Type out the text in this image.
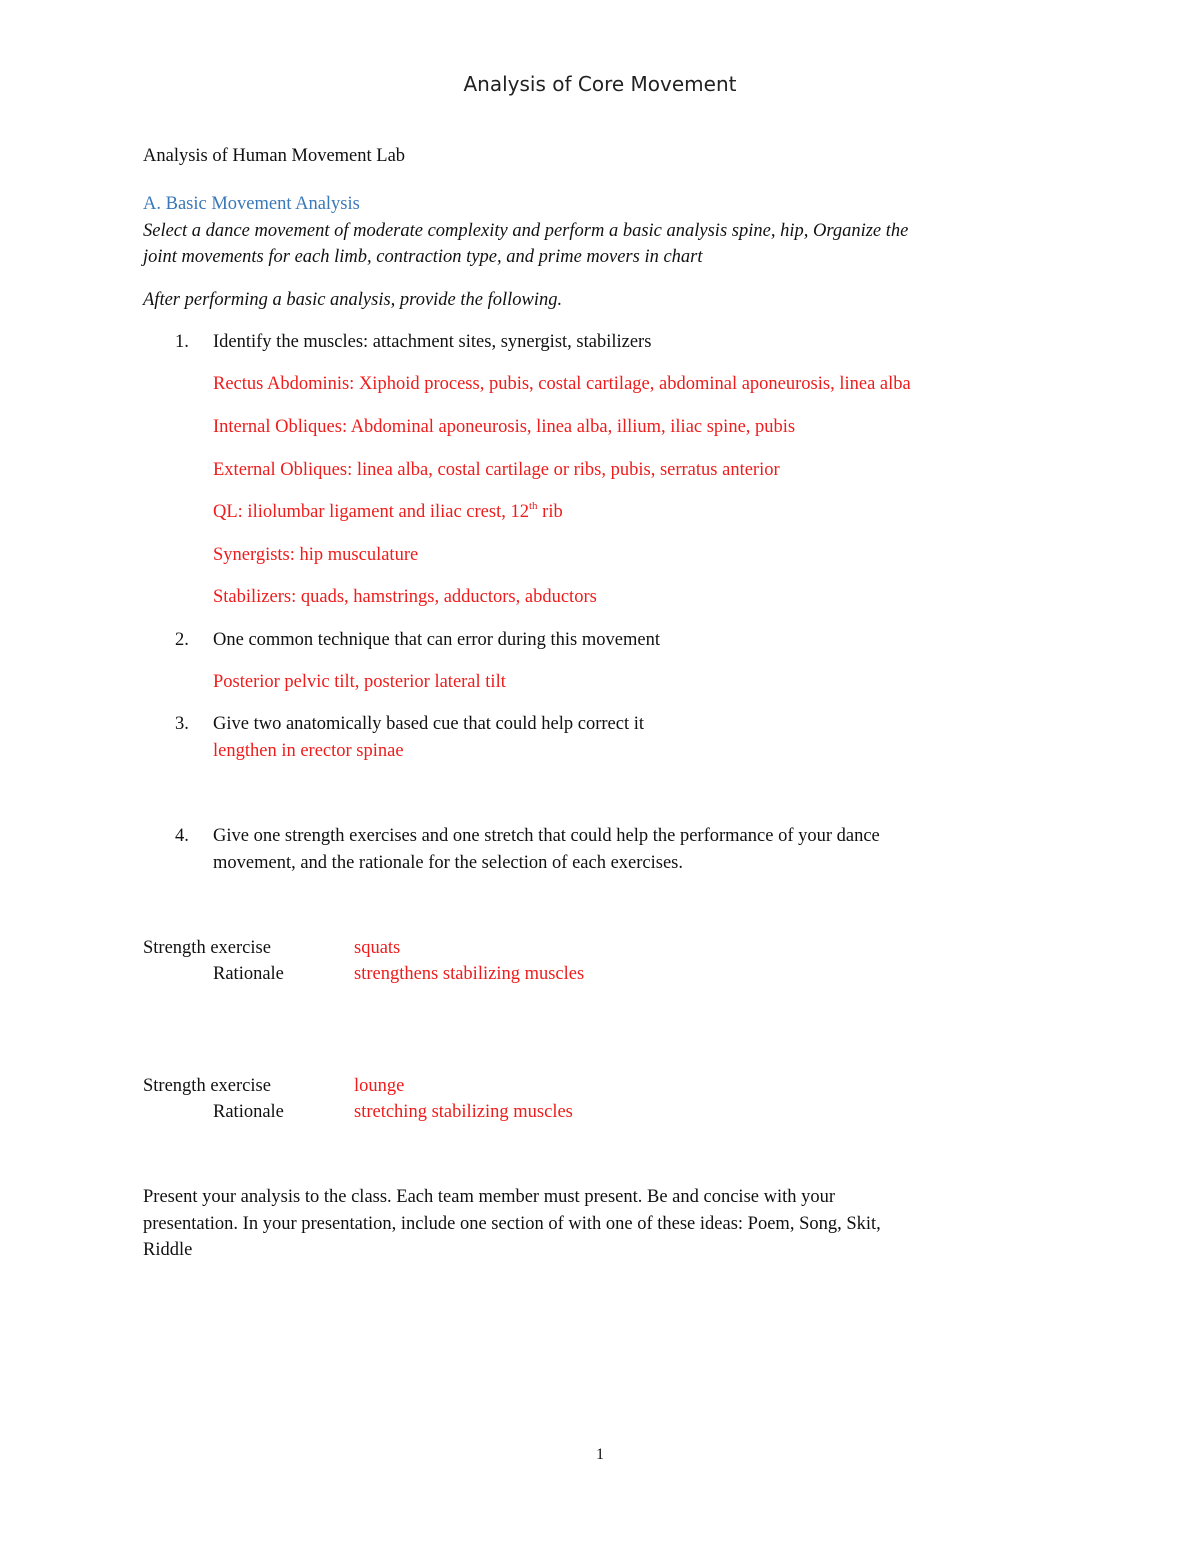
Analysis of Core Movement
Analysis of Human Movement Lab
A. Basic Movement Analysis
Select a dance movement of moderate complexity and perform a basic analysis spine, hip, Organize the
joint movements for each limb, contraction type, and prime movers in chart
After performing a basic analysis, provide the following.
1.	Identify the muscles: attachment sites, synergist, stabilizers
Rectus Abdominis: Xiphoid process, pubis, costal cartilage, abdominal aponeurosis, linea alba
Internal Obliques: Abdominal aponeurosis, linea alba, illium, iliac spine, pubis
External Obliques: linea alba, costal cartilage or ribs, pubis, serratus anterior
QL: iliolumbar ligament and iliac crest, 12th rib
Synergists: hip musculature
Stabilizers: quads, hamstrings, adductors, abductors
2.	One common technique that can error during this movement
Posterior pelvic tilt, posterior lateral tilt
3.	Give two anatomically based cue that could help correct it
lengthen in erector spinae
4.	Give one strength exercises and one stretch that could help the performance of your dance
movement, and the rationale for the selection of each exercises.
Strength exercise	squats
Rationale	strengthens stabilizing muscles
Strength exercise	lounge
Rationale	stretching stabilizing muscles
Present your analysis to the class. Each team member must present. Be and concise with your
presentation. In your presentation, include one section of with one of these ideas: Poem, Song, Skit,
Riddle
1
